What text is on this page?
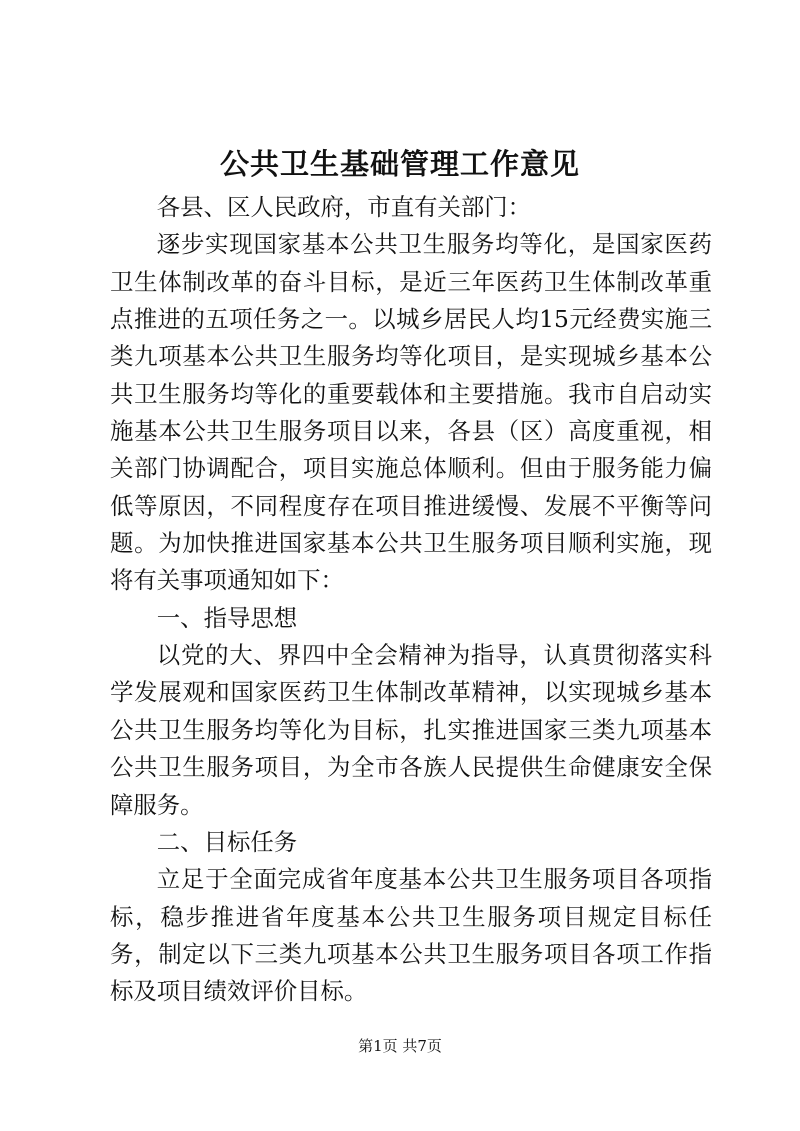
公共卫生基础管理工作意见

各县、区人民政府，市直有关部门：

逐步实现国家基本公共卫生服务均等化，是国家医药卫生体制改革的奋斗目标，是近三年医药卫生体制改革重点推进的五项任务之一。以城乡居民人均15元经费实施三类九项基本公共卫生服务均等化项目，是实现城乡基本公共卫生服务均等化的重要载体和主要措施。我市自启动实施基本公共卫生服务项目以来，各县（区）高度重视，相关部门协调配合，项目实施总体顺利。但由于服务能力偏低等原因，不同程度存在项目推进缓慢、发展不平衡等问题。为加快推进国家基本公共卫生服务项目顺利实施，现将有关事项通知如下：

一、指导思想

以党的大、界四中全会精神为指导，认真贯彻落实科学发展观和国家医药卫生体制改革精神，以实现城乡基本公共卫生服务均等化为目标，扎实推进国家三类九项基本公共卫生服务项目，为全市各族人民提供生命健康安全保障服务。

二、目标任务

立足于全面完成省年度基本公共卫生服务项目各项指标，稳步推进省年度基本公共卫生服务项目规定目标任务，制定以下三类九项基本公共卫生服务项目各项工作指标及项目绩效评价目标。

第1页 共7页
